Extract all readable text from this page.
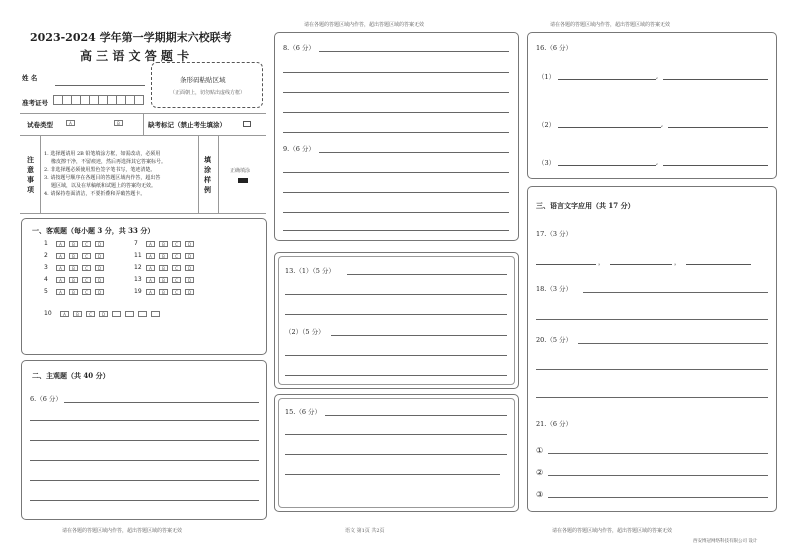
2023-2024 学年第一学期期末六校联考
高 三 语 文 答 题 卡
姓 名
准考证号
条形码粘贴区域
（正面朝上，切勿贴出虚线方框）
试卷类型	A	B	缺考标记（禁止考生填涂）
注
意
事
项
1. 选择题请用 2B 铅笔填涂方框，如需改动，必须用
橡皮擦干净，不留痕迹，然后再选择其它答案标号。
2. 非选择题必须使用黑色签字笔书写，笔迹清楚。
3. 请按题号顺序在各题目的答题区域内作答，超出答
题区域，以及在草稿纸和试题上的答案均无效。
4. 请保持卷面清洁，不要折叠和弄破答题卡。
填
涂
样
例
正确填涂
一、客观题（每小题 3 分，共 33 分）
1	A	B	C	D
2	A	B	C	D
3	A	B	C	D
4	A	B	C	D
5	A	B	C	D
7	A	B	C	D
11	A	B	C	D
12	A	B	C	D
13	A	B	C	D
19	A	B	C	D
10	A	B	C	D
二、主观题（共 40 分）
6.（6 分）
请在各题的答题区域内作答，超出答题区域的答案无效
8.（6 分）
9.（6 分）
13.（1）（5 分）
（2）（5 分）
15.（6 分）
请在各题的答题区域内作答，超出答题区域的答案无效
16.（6 分）
（1）	,
（2）	,
（3）	,
三、语言文字应用（共 17 分）
17.（3 分）
，	，
18.（3 分）
20.（5 分）
21.（6 分）
①
②
③
请在各题的答题区域内作答，超出答题区域的答案无效	语文 第1页 共2页	请在各题的答题区域内作答，超出答题区域的答案无效
西安博冠网络科技有限公司 设计
